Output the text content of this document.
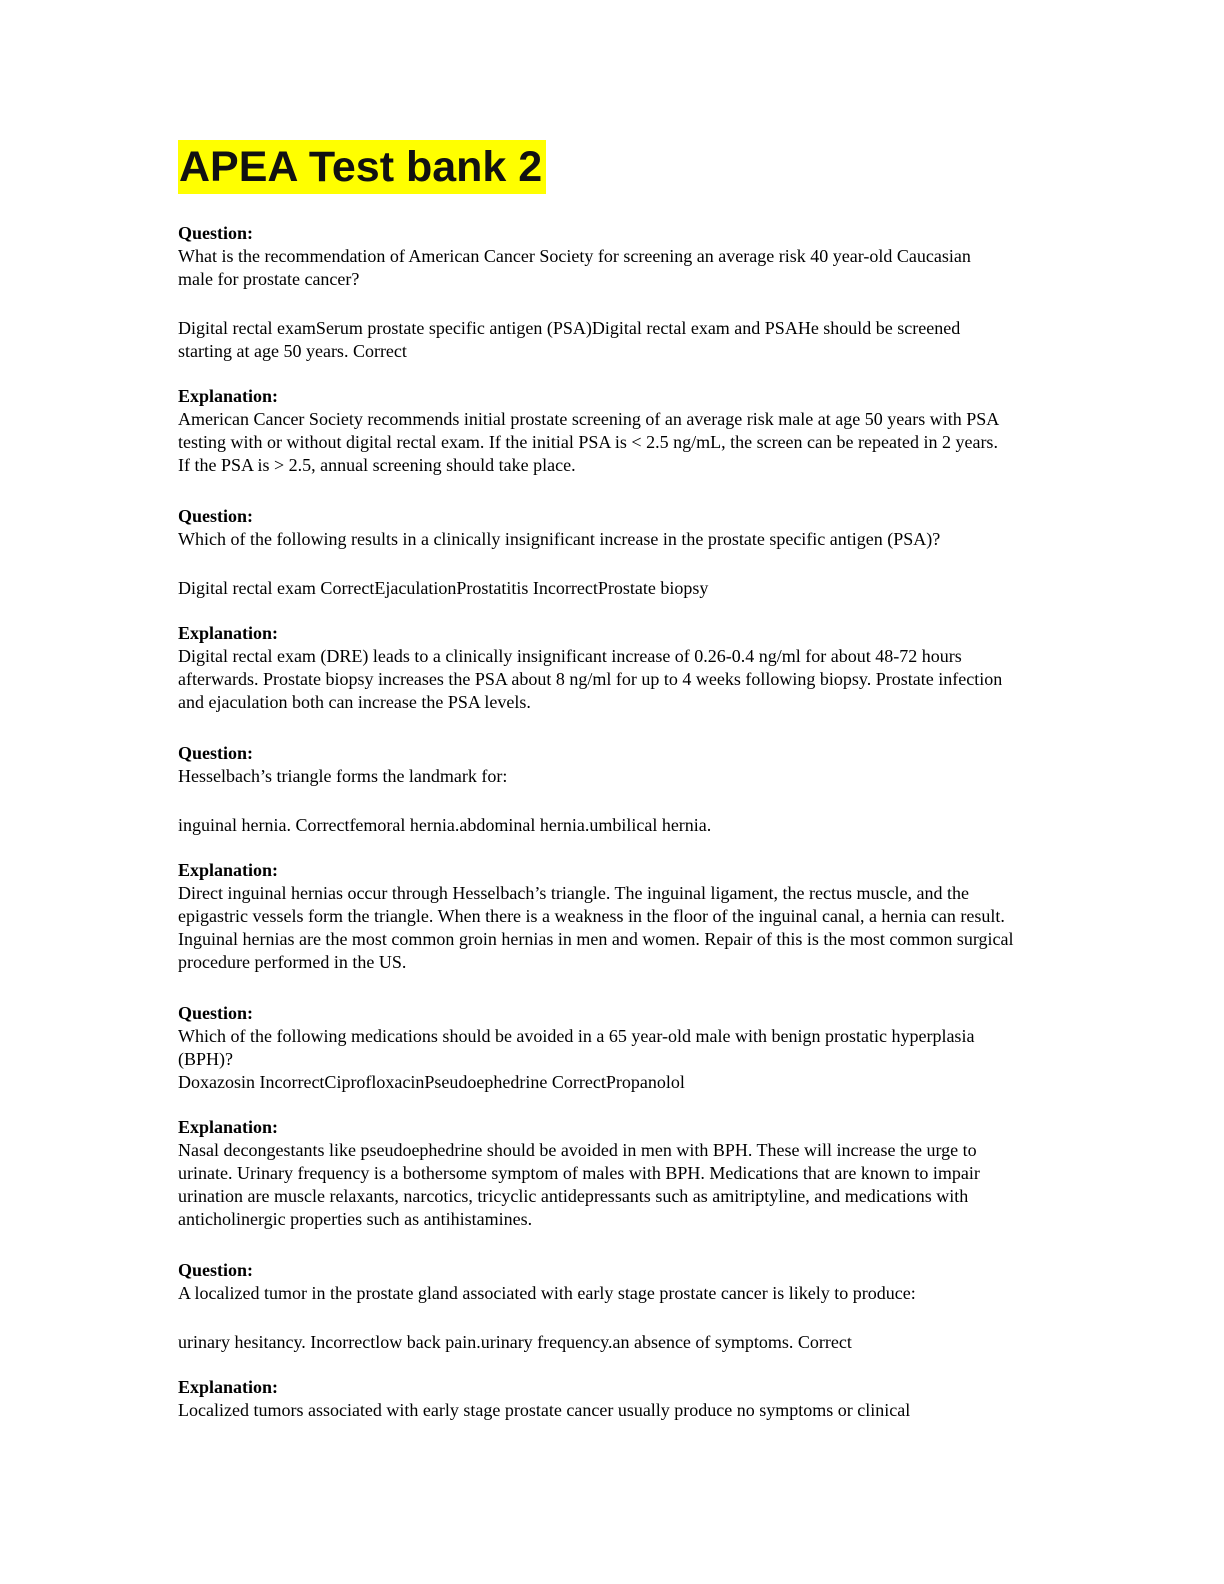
APEA Test bank 2
Question:
What is the recommendation of American Cancer Society for screening an average risk 40 year-old Caucasian male for prostate cancer?
Digital rectal examSerum prostate specific antigen (PSA)Digital rectal exam and PSAHe should be screened starting at age 50 years. Correct
Explanation:
American Cancer Society recommends initial prostate screening of an average risk male at age 50 years with PSA testing with or without digital rectal exam. If the initial PSA is < 2.5 ng/mL, the screen can be repeated in 2 years. If the PSA is > 2.5, annual screening should take place.
Question:
Which of the following results in a clinically insignificant increase in the prostate specific antigen (PSA)?
Digital rectal exam CorrectEjaculationProstatitis IncorrectProstate biopsy
Explanation:
Digital rectal exam (DRE) leads to a clinically insignificant increase of 0.26-0.4 ng/ml for about 48-72 hours afterwards. Prostate biopsy increases the PSA about 8 ng/ml for up to 4 weeks following biopsy. Prostate infection and ejaculation both can increase the PSA levels.
Question:
Hesselbach’s triangle forms the landmark for:
inguinal hernia. Correctfemoral hernia.abdominal hernia.umbilical hernia.
Explanation:
Direct inguinal hernias occur through Hesselbach’s triangle. The inguinal ligament, the rectus muscle, and the epigastric vessels form the triangle. When there is a weakness in the floor of the inguinal canal, a hernia can result. Inguinal hernias are the most common groin hernias in men and women. Repair of this is the most common surgical procedure performed in the US.
Question:
Which of the following medications should be avoided in a 65 year-old male with benign prostatic hyperplasia (BPH)?
Doxazosin IncorrectCiprofloxacinPseudoephedrine CorrectPropanolol
Explanation:
Nasal decongestants like pseudoephedrine should be avoided in men with BPH. These will increase the urge to urinate. Urinary frequency is a bothersome symptom of males with BPH. Medications that are known to impair urination are muscle relaxants, narcotics, tricyclic antidepressants such as amitriptyline, and medications with anticholinergic properties such as antihistamines.
Question:
A localized tumor in the prostate gland associated with early stage prostate cancer is likely to produce:
urinary hesitancy. Incorrectlow back pain.urinary frequency.an absence of symptoms. Correct
Explanation:
Localized tumors associated with early stage prostate cancer usually produce no symptoms or clinical
